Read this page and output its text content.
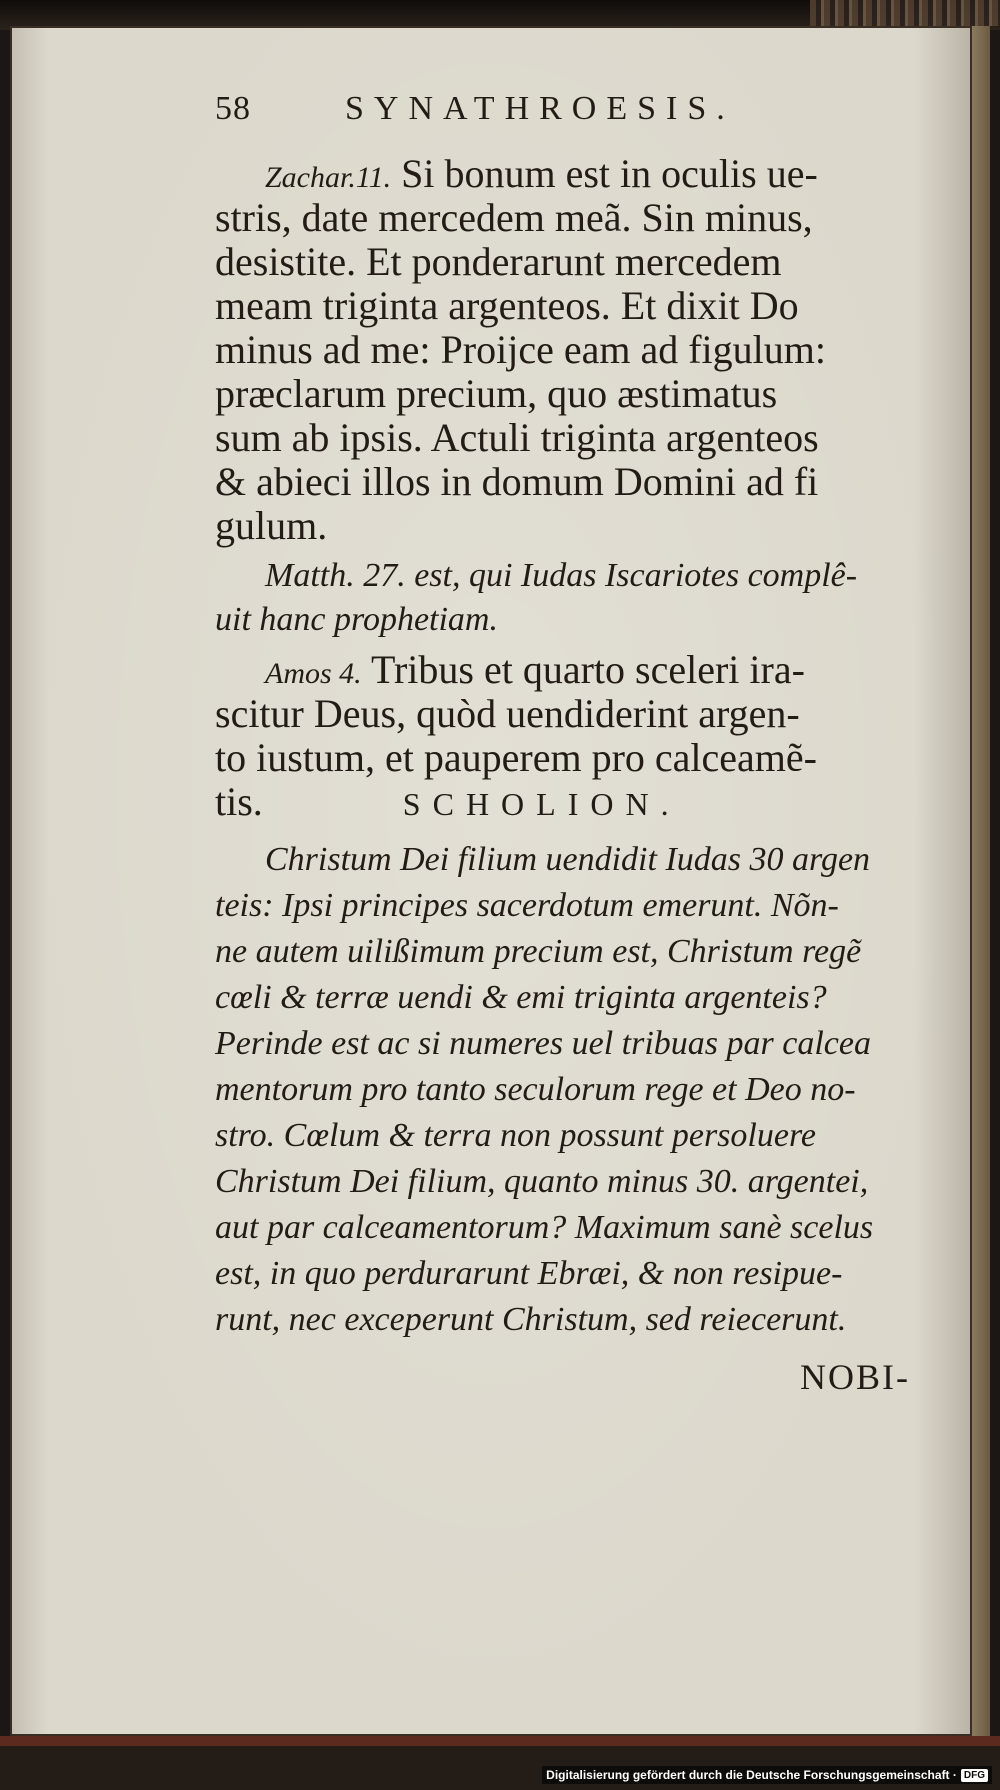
58	SYNATHROESIS.
Zachar.11. Si bonum est in oculis ue-
stris, date mercedem meã. Sin minus,
desistite. Et ponderarunt mercedem
meam triginta argenteos. Et dixit Do
minus ad me: Proijce eam ad figulum:
præclarum precium, quo æstimatus
sum ab ipsis. Actuli triginta argenteos
& abieci illos in domum Domini ad fi
gulum.
Matth. 27. est, qui Iudas Iscariotes complê-
uit hanc prophetiam.
Amos 4. Tribus et quarto sceleri ira-
scitur Deus, quòd uendiderint argen-
to iustum, et pauperem pro calceamẽ-
tis.	SCHOLION.
Christum Dei filium uendidit Iudas 30 argen
teis: Ipsi principes sacerdotum emerunt. Nõn-
ne autem uilißimum precium est, Christum regẽ
cœli & terræ uendi & emi triginta argenteis?
Perinde est ac si numeres uel tribuas par calcea
mentorum pro tanto seculorum rege et Deo no-
stro. Cœlum & terra non possunt persoluere
Christum Dei filium, quanto minus 30. argentei,
aut par calceamentorum? Maximum sanè scelus
est, in quo perdurarunt Ebræi, & non resipue-
runt, nec exceperunt Christum, sed reiecerunt.
NOBI-
Digitalisierung gefördert durch die Deutsche Forschungsgemeinschaft · DFG
